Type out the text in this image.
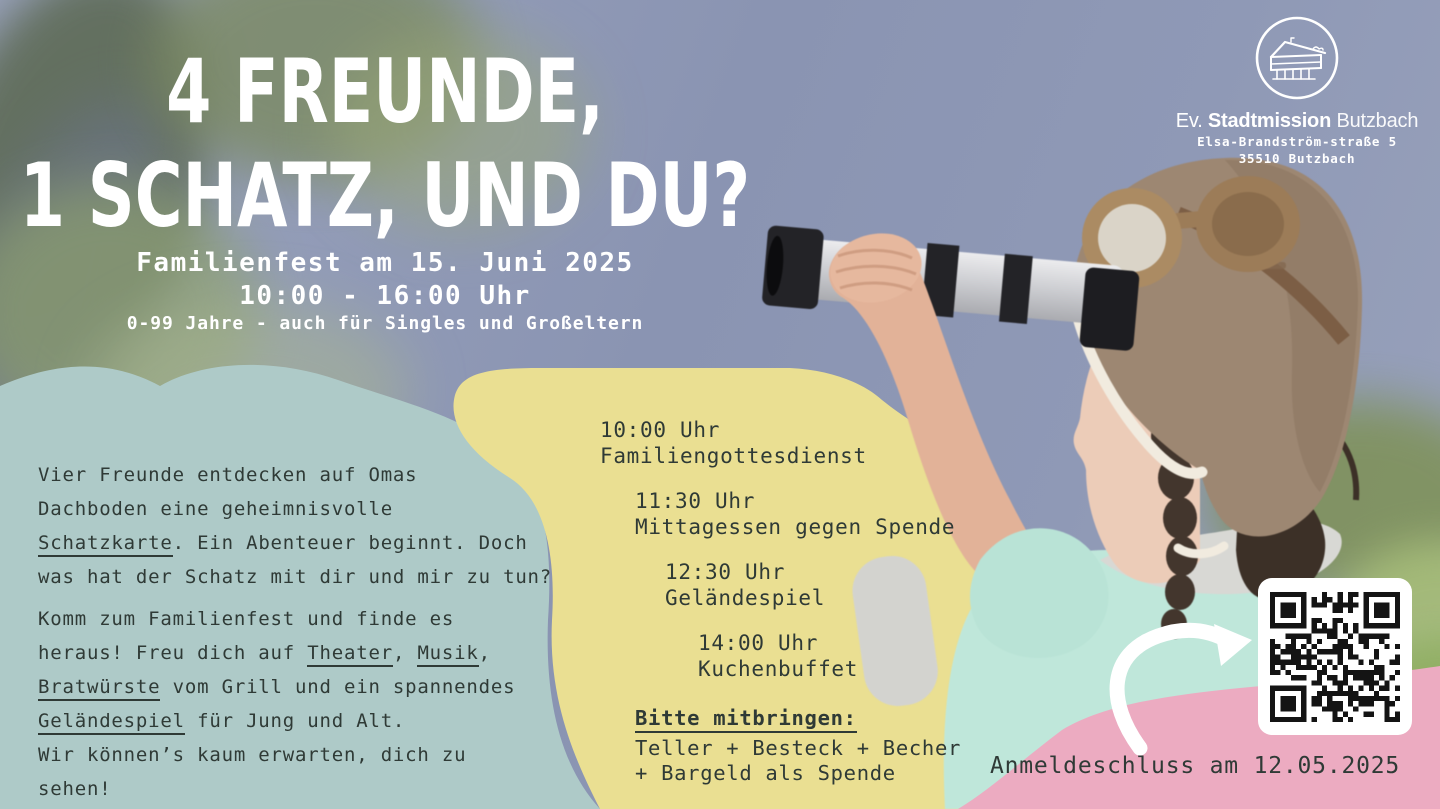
4 FREUNDE,
1 SCHATZ, UND DU?
Familienfest am 15. Juni 2025
10:00 - 16:00 Uhr
0-99 Jahre - auch für Singles und Großeltern
Ev. Stadtmission Butzbach
Elsa-Brandström-straße 5
35510 Butzbach

Vier Freunde entdecken auf Omas
Dachboden eine geheimnisvolle
Schatzkarte. Ein Abenteuer beginnt. Doch
was hat der Schatz mit dir und mir zu tun?

Komm zum Familienfest und finde es
heraus! Freu dich auf Theater, Musik,
Bratwürste vom Grill und ein spannendes
Geländespiel für Jung und Alt.
Wir können’s kaum erwarten, dich zu
sehen!

10:00 Uhr
Familiengottesdienst
11:30 Uhr
Mittagessen gegen Spende
12:30 Uhr
Geländespiel
14:00 Uhr
Kuchenbuffet
Bitte mitbringen:
Teller + Besteck + Becher
+ Bargeld als Spende	Anmeldeschluss am 12.05.2025
